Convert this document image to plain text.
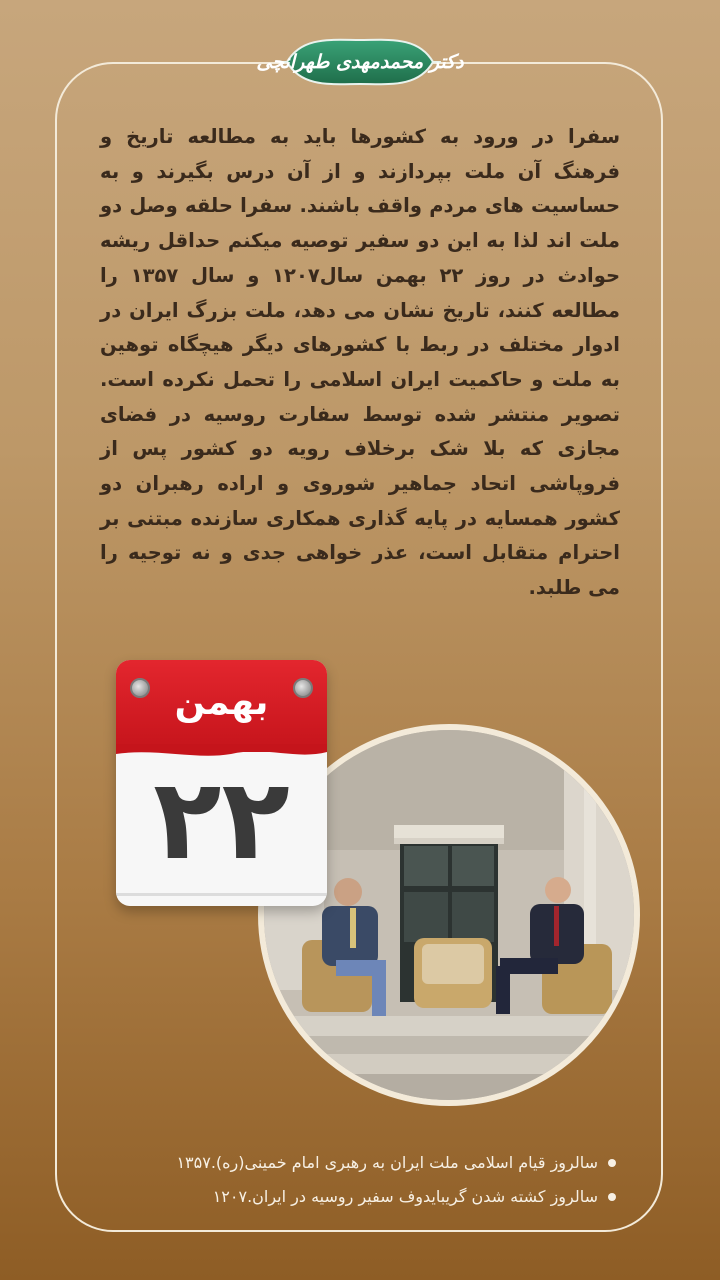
دکتر محمدمهدی طهرانچی

سفرا در ورود به کشورها باید به مطالعه تاریخ و فرهنگ آن ملت بپردازند و از آن درس بگیرند و به حساسیت های مردم واقف باشند. سفرا حلقه وصل دو ملت اند لذا به این دو سفیر توصیه میکنم حداقل ریشه حوادث در روز ۲۲ بهمن سال۱۲۰۷ و سال ۱۳۵۷ را مطالعه کنند، تاریخ نشان می دهد، ملت بزرگ ایران در ادوار مختلف در ربط با کشورهای دیگر هیچگاه توهین به ملت و حاکمیت ایران اسلامی را تحمل نکرده است. تصویر منتشر شده توسط سفارت روسیه در فضای مجازی که بلا شک برخلاف رویه دو کشور پس از فروپاشی اتحاد جماهیر شوروی و اراده رهبران دو کشور همسایه در پایه گذاری همکاری سازنده مبتنی بر احترام متقابل است، عذر خواهی جدی و نه توجیه را می طلبد.

بهمن
۲۲
سالروز قیام اسلامی ملت ایران به رهبری امام خمینی(ره).۱۳۵۷
سالروز کشته شدن گریبایدوف سفیر روسیه در ایران.۱۲۰۷
